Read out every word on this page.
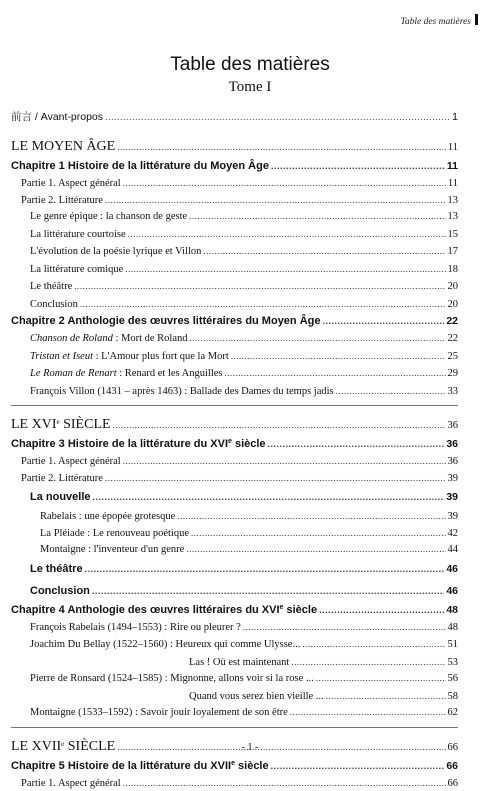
Table des matières
Table des matières
Tome I
前言 / Avant-propos .....	1
LE MOYEN ÂGE .....	11
Chapitre 1 Histoire de la littérature du Moyen Âge .....	11
Partie 1. Aspect général .....	11
Partie 2. Littérature .....	13
Le genre épique : la chanson de geste .....	13
La littérature courtoise .....	15
L'évolution de la poésie lyrique et Villon .....	17
La littérature comique .....	18
Le théâtre .....	20
Conclusion .....	20
Chapitre 2 Anthologie des œuvres littéraires du Moyen Âge .....	22
Chanson de Roland : Mort de Roland .....	22
Tristan et Iseut : L'Amour plus fort que la Mort .....	25
Le Roman de Renart : Renard et les Anguilles .....	29
François Villon (1431 – après 1463) : Ballade des Dames du temps jadis .....	33
LE XVIe SIÈCLE .....	36
Chapitre 3 Histoire de la littérature du XVIe siècle .....	36
Partie 1. Aspect général .....	36
Partie 2. Littérature .....	39
La nouvelle .....	39
Rabelais : une épopée grotesque .....	39
La Pléiade : Le renouveau poétique .....	42
Montaigne : l'inventeur d'un genre .....	44
Le théâtre .....	46
Conclusion .....	46
Chapitre 4 Anthologie des œuvres littéraires du XVIe siècle .....	48
François Rabelais (1494–1553) : Rire ou pleurer ? .....	48
Joachim Du Bellay (1522–1560) : Heureux qui comme Ulysse... .....	51
Las ! Où est maintenant .....	53
Pierre de Ronsard (1524–1585) : Mignonne, allons voir si la rose ... .....	56
Quand vous serez bien vieille ... .....	58
Montaigne (1533–1592) : Savoir jouir loyalement de son être .....	62
LE XVIIe SIÈCLE .....	66
Chapitre 5 Histoire de la littérature du XVIIe siècle .....	66
Partie 1. Aspect général .....	66
- 1 -
